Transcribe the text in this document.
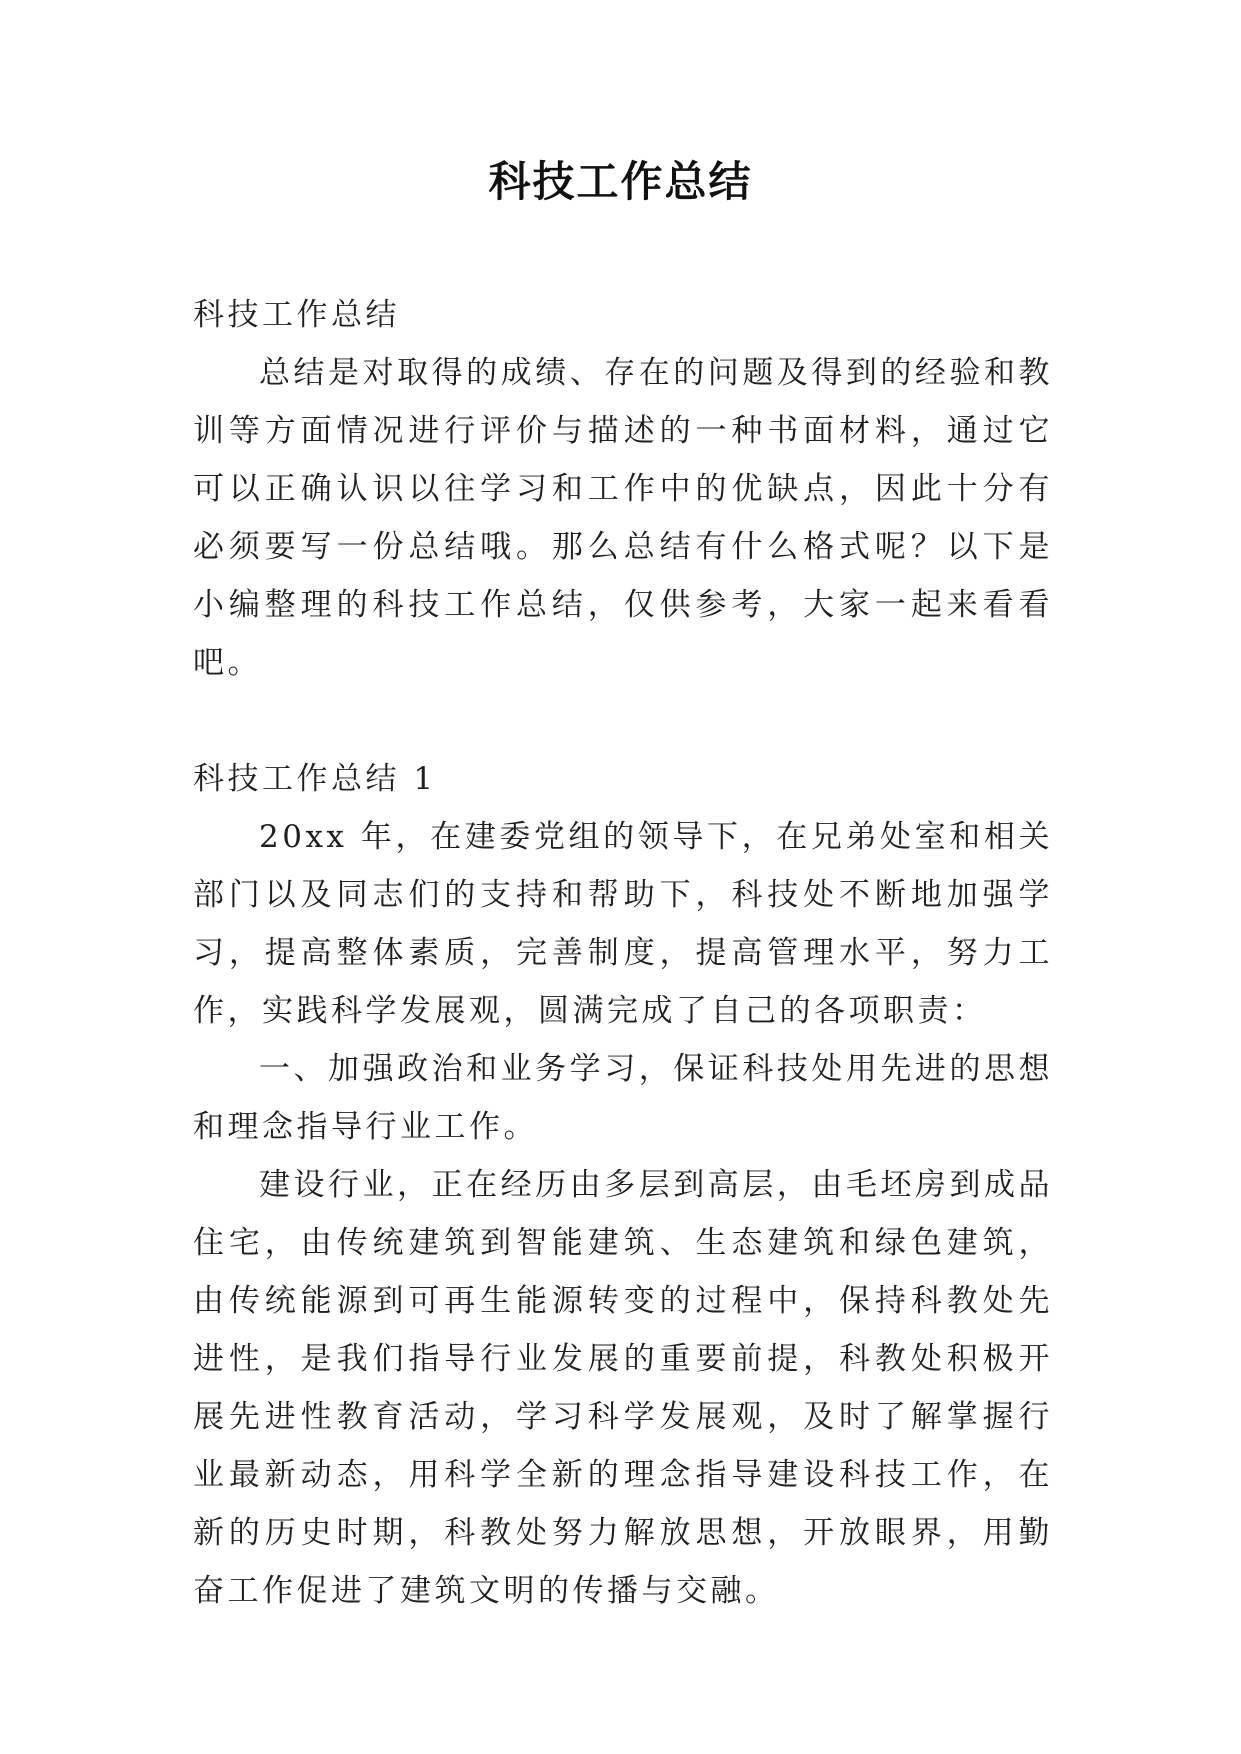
科技工作总结

科技工作总结

总结是对取得的成绩、存在的问题及得到的经验和教训等方面情况进行评价与描述的一种书面材料，通过它可以正确认识以往学习和工作中的优缺点，因此十分有必须要写一份总结哦。那么总结有什么格式呢？以下是小编整理的科技工作总结，仅供参考，大家一起来看看吧。

科技工作总结 1

20xx 年，在建委党组的领导下，在兄弟处室和相关部门以及同志们的支持和帮助下，科技处不断地加强学习，提高整体素质，完善制度，提高管理水平，努力工作，实践科学发展观，圆满完成了自己的各项职责：

一、加强政治和业务学习，保证科技处用先进的思想和理念指导行业工作。

建设行业，正在经历由多层到高层，由毛坯房到成品住宅，由传统建筑到智能建筑、生态建筑和绿色建筑，由传统能源到可再生能源转变的过程中，保持科教处先进性，是我们指导行业发展的重要前提，科教处积极开展先进性教育活动，学习科学发展观，及时了解掌握行业最新动态，用科学全新的理念指导建设科技工作，在新的历史时期，科教处努力解放思想，开放眼界，用勤奋工作促进了建筑文明的传播与交融。
